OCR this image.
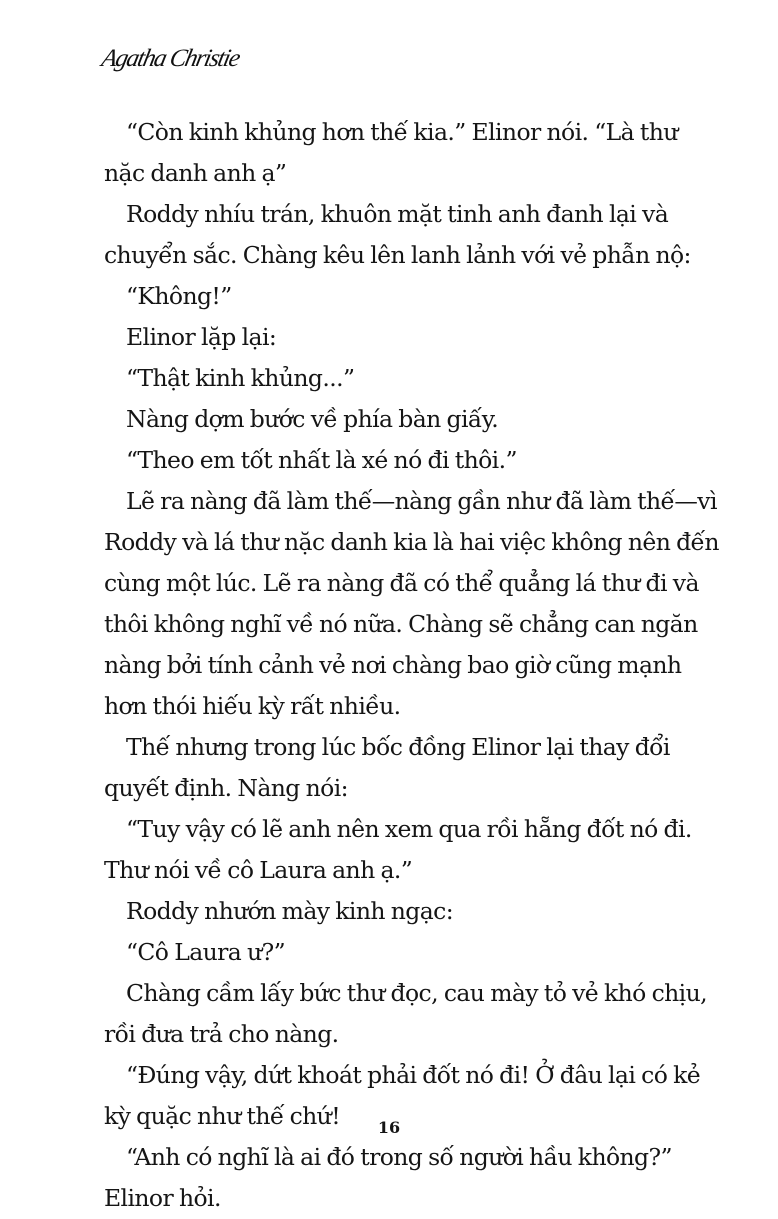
Agatha Christie
“Còn kinh khủng hơn thế kia.” Elinor nói. “Là thư
nặc danh anh ạ”
Roddy nhíu trán, khuôn mặt tinh anh đanh lại và
chuyển sắc. Chàng kêu lên lanh lảnh với vẻ phẫn nộ:
“Không!”
Elinor lặp lại:
“Thật kinh khủng...”
Nàng dợm bước về phía bàn giấy.
“Theo em tốt nhất là xé nó đi thôi.”
Lẽ ra nàng đã làm thế—nàng gần như đã làm thế—vì
Roddy và lá thư nặc danh kia là hai việc không nên đến
cùng một lúc. Lẽ ra nàng đã có thể quẳng lá thư đi và
thôi không nghĩ về nó nữa. Chàng sẽ chẳng can ngăn
nàng bởi tính cảnh vẻ nơi chàng bao giờ cũng mạnh
hơn thói hiếu kỳ rất nhiều.
Thế nhưng trong lúc bốc đồng Elinor lại thay đổi
quyết định. Nàng nói:
“Tuy vậy có lẽ anh nên xem qua rồi hẵng đốt nó đi.
Thư nói về cô Laura anh ạ.”
Roddy nhướn mày kinh ngạc:
“Cô Laura ư?”
Chàng cầm lấy bức thư đọc, cau mày tỏ vẻ khó chịu,
rồi đưa trả cho nàng.
“Đúng vậy, dứt khoát phải đốt nó đi! Ở đâu lại có kẻ
kỳ quặc như thế chứ!
“Anh có nghĩ là ai đó trong số người hầu không?”
Elinor hỏi.
16
